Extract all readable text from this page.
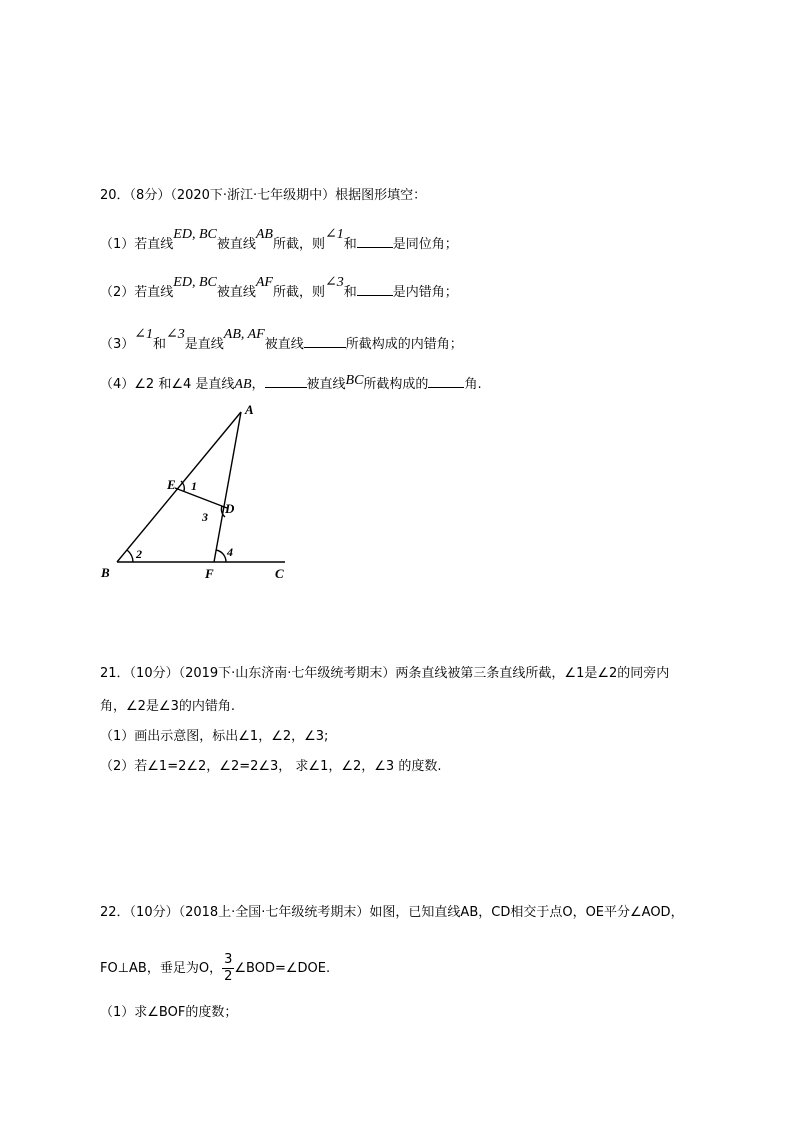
20．（8分）（2020下·浙江·七年级期中）根据图形填空：
（1）若直线ED, BC被直线AB所截，则∠1和	是同位角；
（2）若直线ED, BC被直线AF所截，则∠3和	是内错角；
（3）∠1和∠3是直线AB, AF被直线	所截构成的内错角；
（4）∠2 和∠4 是直线AB，	被直线BC所截构成的	角.
A
B	C
D
E
F
1
2
3
4
21．（10分）（2019下·山东济南·七年级统考期末）两条直线被第三条直线所截，∠1是∠2的同旁内
角，∠2是∠3的内错角.
（1）画出示意图，标出∠1，∠2，∠3;
（2）若∠1=2∠2，∠2=2∠3， 求∠1，∠2，∠3 的度数.
22．（10分）（2018上·全国·七年级统考期末）如图，已知直线AB，CD相交于点O，OE平分∠AOD，
FO⊥AB，垂足为O， $\frac{3}{2}$ ∠BOD=∠DOE.
（1）求∠BOF的度数；
